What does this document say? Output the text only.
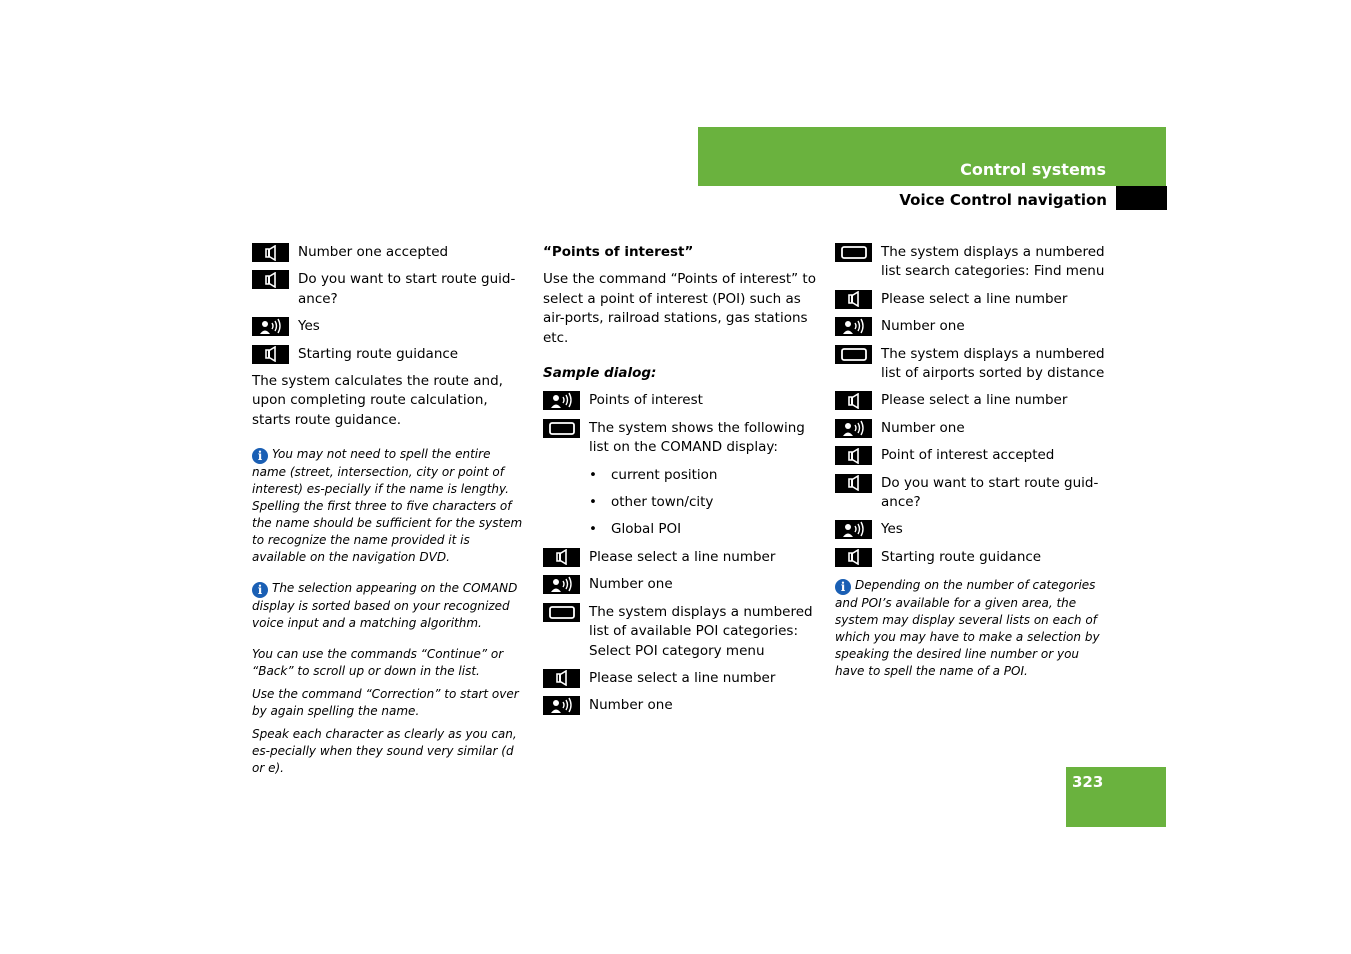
Control systems
Voice Control navigation
Number one accepted
Do you want to start route guid-ance?
Yes
Starting route guidance

The system calculates the route and, upon completing route calculation, starts route guidance.

i You may not need to spell the entire name (street, intersection, city or point of interest) es-pecially if the name is lengthy. Spelling the first three to five characters of the name should be sufficient for the system to recognize the name provided it is available on the navigation DVD.

i The selection appearing on the COMAND display is sorted based on your recognized voice input and a matching algorithm.

You can use the commands “Continue” or “Back” to scroll up or down in the list.

Use the command “Correction” to start over by again spelling the name.

Speak each character as clearly as you can, es-pecially when they sound very similar (d or e).

“Points of interest”

Use the command “Points of interest” to select a point of interest (POI) such as air-ports, railroad stations, gas stations etc.

Sample dialog:

Points of interest
The system shows the following list on the COMAND display:
•	current position
•	other town/city
•	Global POI
Please select a line number
Number one
The system displays a numbered list of available POI categories: Select POI category menu
Please select a line number
Number one
The system displays a numbered list search categories: Find menu
Please select a line number
Number one
The system displays a numbered list of airports sorted by distance
Please select a line number
Number one
Point of interest accepted
Do you want to start route guid-ance?
Yes
Starting route guidance

i Depending on the number of categories and POI’s available for a given area, the system may display several lists on each of which you may have to make a selection by speaking the desired line number or you have to spell the name of a POI.

323
